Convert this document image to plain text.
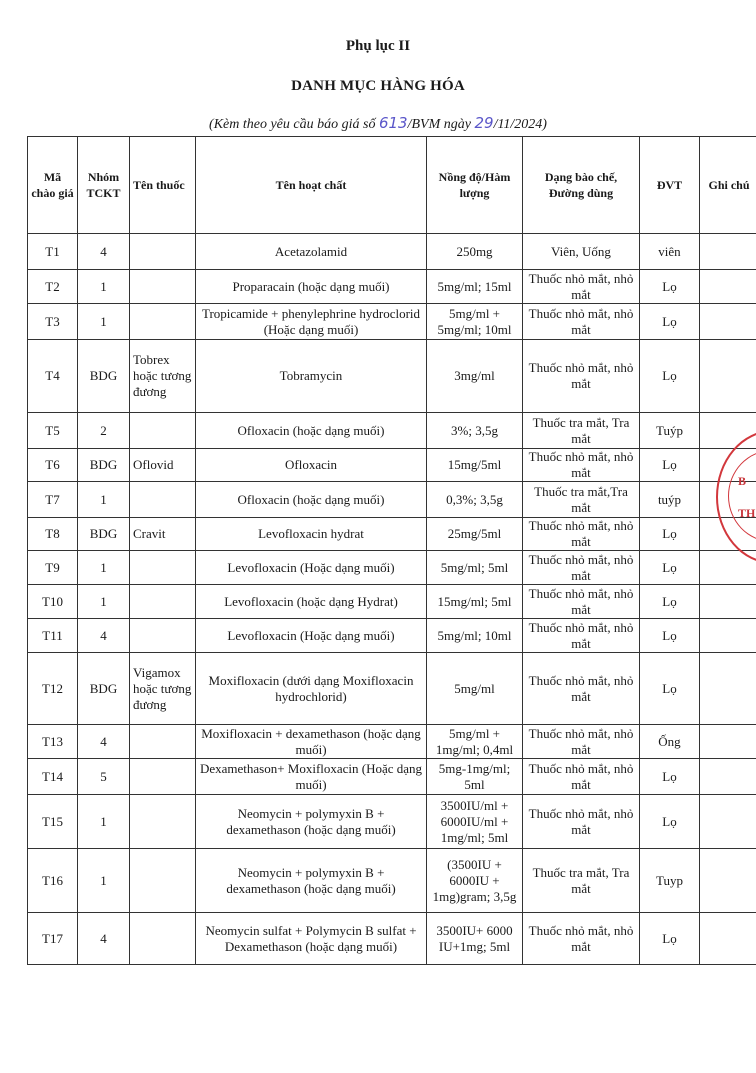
Phụ lục II
DANH MỤC HÀNG HÓA
(Kèm theo yêu cầu báo giá số 613/BVM ngày 29/11/2024)
Mã chào giá	Nhóm TCKT	Tên thuốc	Tên hoạt chất	Nồng độ/Hàm lượng	Dạng bào chế, Đường dùng	ĐVT	Ghi chú
T1	4		Acetazolamid	250mg	Viên, Uống	viên	
T2	1		Proparacain (hoặc dạng muối)	5mg/ml; 15ml	Thuốc nhỏ mắt, nhỏ mắt	Lọ	
T3	1		Tropicamide + phenylephrine hydroclorid (Hoặc dạng muối)	5mg/ml + 5mg/ml; 10ml	Thuốc nhỏ mắt, nhỏ mắt	Lọ	
T4	BDG	Tobrex hoặc tương đương	Tobramycin	3mg/ml	Thuốc nhỏ mắt, nhỏ mắt	Lọ	
T5	2		Ofloxacin (hoặc dạng muối)	3%; 3,5g	Thuốc tra mắt, Tra mắt	Tuýp	
T6	BDG	Oflovid	Ofloxacin	15mg/5ml	Thuốc nhỏ mắt, nhỏ mắt	Lọ	
T7	1		Ofloxacin (hoặc dạng muối)	0,3%; 3,5g	Thuốc tra mắt,Tra mắt	tuýp	
T8	BDG	Cravit	Levofloxacin hydrat	25mg/5ml	Thuốc nhỏ mắt, nhỏ mắt	Lọ	
T9	1		Levofloxacin (Hoặc dạng muối)	5mg/ml; 5ml	Thuốc nhỏ mắt, nhỏ mắt	Lọ	
T10	1		Levofloxacin (hoặc dạng Hydrat)	15mg/ml; 5ml	Thuốc nhỏ mắt, nhỏ mắt	Lọ	
T11	4		Levofloxacin (Hoặc dạng muối)	5mg/ml; 10ml	Thuốc nhỏ mắt, nhỏ mắt	Lọ	
T12	BDG	Vigamox hoặc tương đương	Moxifloxacin (dưới dạng Moxifloxacin hydrochlorid)	5mg/ml	Thuốc nhỏ mắt, nhỏ mắt	Lọ	
T13	4		Moxifloxacin + dexamethason (hoặc dạng muối)	5mg/ml + 1mg/ml; 0,4ml	Thuốc nhỏ mắt, nhỏ mắt	Ống	
T14	5		Dexamethason+ Moxifloxacin (Hoặc dạng muối)	5mg-1mg/ml; 5ml	Thuốc nhỏ mắt, nhỏ mắt	Lọ	
T15	1		Neomycin + polymyxin B + dexamethason (hoặc dạng muối)	3500IU/ml + 6000IU/ml + 1mg/ml; 5ml	Thuốc nhỏ mắt, nhỏ mắt	Lọ	
T16	1		Neomycin + polymyxin B + dexamethason (hoặc dạng muối)	(3500IU + 6000IU + 1mg)gram; 3,5g	Thuốc tra mắt, Tra mắt	Tuyp	
T17	4		Neomycin sulfat + Polymycin B sulfat + Dexamethason (hoặc dạng muối)	3500IU+ 6000 IU+1mg; 5ml	Thuốc nhỏ mắt, nhỏ mắt	Lọ	
B
TH
